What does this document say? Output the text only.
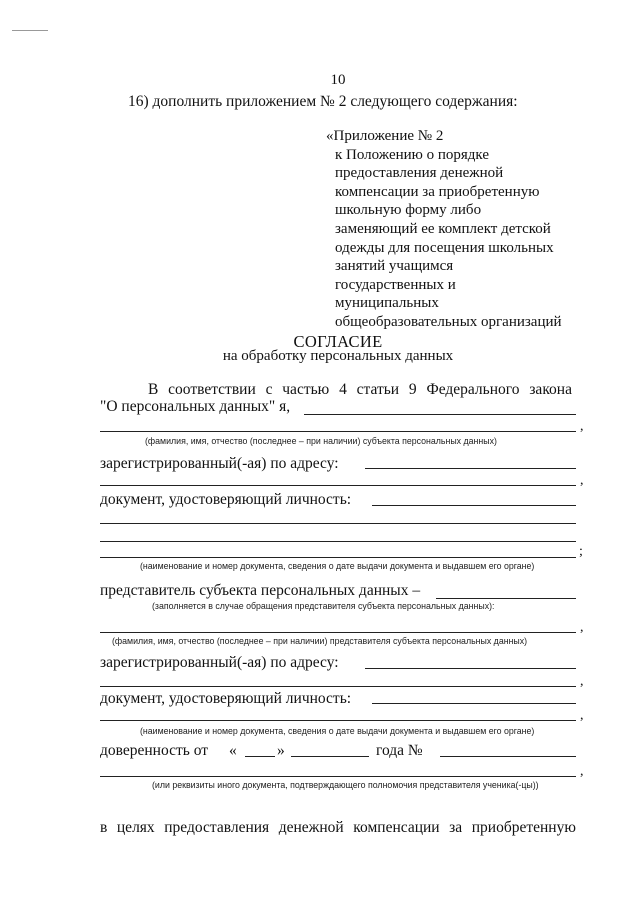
10
16) дополнить приложением № 2 следующего содержания:
«Приложение № 2
к Положению о порядке
предоставления денежной
компенсации за приобретенную
школьную форму либо
заменяющий ее комплект детской
одежды для посещения школьных
занятий учащимся
государственных и
муниципальных
общеобразовательных организаций
СОГЛАСИЕ
на обработку персональных данных
В соответствии с частью 4 статьи 9 Федерального закона
"О персональных данных" я,
,
(фамилия, имя, отчество (последнее – при наличии) субъекта персональных данных)
зарегистрированный(-ая) по адресу:
,
документ, удостоверяющий личность:
;
(наименование и номер документа, сведения о дате выдачи документа и выдавшем его органе)
представитель субъекта персональных данных –
(заполняется в случае обращения представителя субъекта персональных данных):
,
(фамилия, имя, отчество (последнее – при наличии) представителя субъекта персональных данных)
зарегистрированный(-ая) по адресу:
,
документ, удостоверяющий личность:
,
(наименование и номер документа, сведения о дате выдачи документа и выдавшем его органе)
доверенность от «	»	года №
,
(или реквизиты иного документа, подтверждающего полномочия представителя ученика(-цы))
в целях предоставления денежной компенсации за приобретенную
